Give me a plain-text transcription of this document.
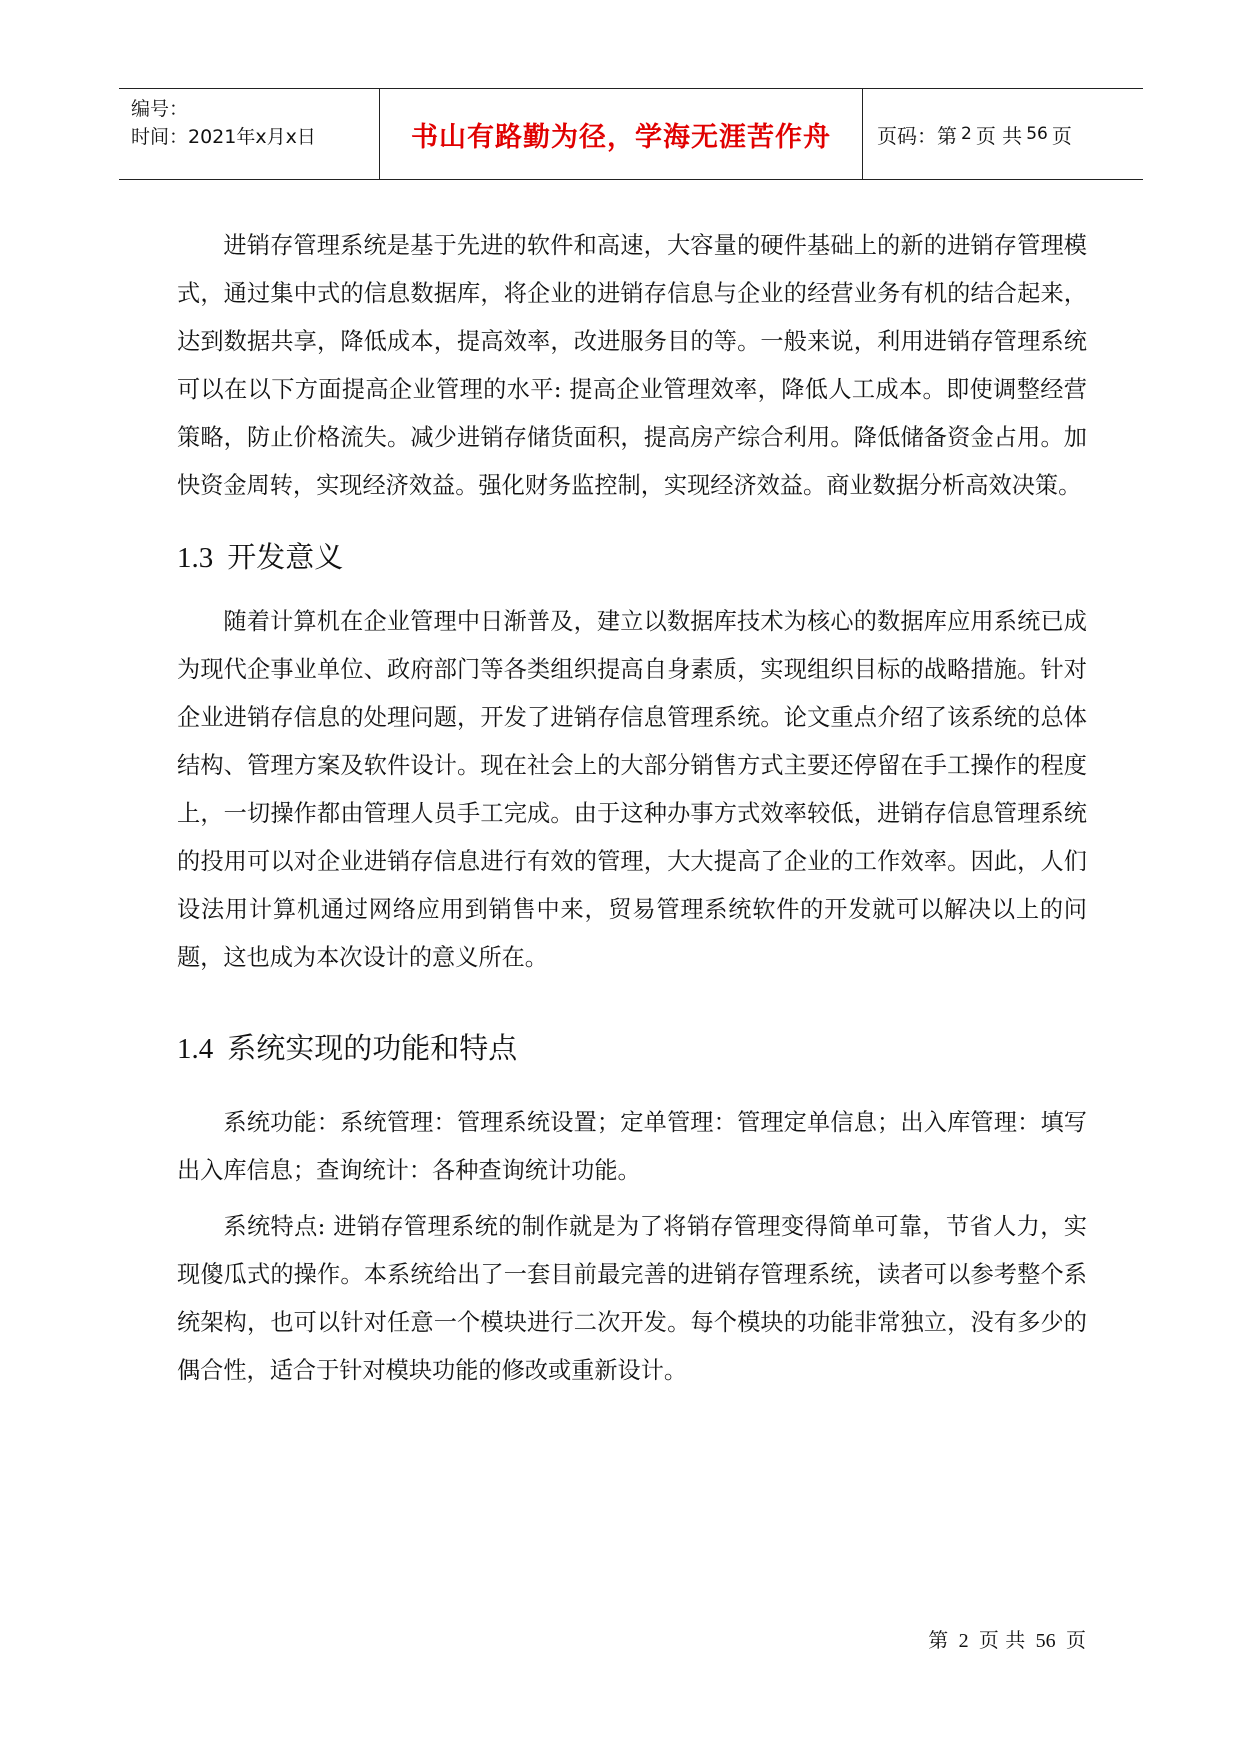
编号：
时间：2021年x月x日	书山有路勤为径，学海无涯苦作舟 页码：第 2 页 共 56 页

进销存管理系统是基于先进的软件和高速，大容量的硬件基础上的新的进销存管理模式，通过集中式的信息数据库，将企业的进销存信息与企业的经营业务有机的结合起来，达到数据共享，降低成本，提高效率，改进服务目的等。一般来说，利用进销存管理系统可以在以下方面提高企业管理的水平: 提高企业管理效率，降低人工成本。即使调整经营策略，防止价格流失。减少进销存储货面积，提高房产综合利用。降低储备资金占用。加快资金周转，实现经济效益。强化财务监控制，实现经济效益。商业数据分析高效决策。

1.3 开发意义

随着计算机在企业管理中日渐普及，建立以数据库技术为核心的数据库应用系统已成为现代企事业单位、政府部门等各类组织提高自身素质，实现组织目标的战略措施。针对企业进销存信息的处理问题，开发了进销存信息管理系统。论文重点介绍了该系统的总体结构、管理方案及软件设计。现在社会上的大部分销售方式主要还停留在手工操作的程度上，一切操作都由管理人员手工完成。由于这种办事方式效率较低，进销存信息管理系统的投用可以对企业进销存信息进行有效的管理，大大提高了企业的工作效率。因此，人们设法用计算机通过网络应用到销售中来，贸易管理系统软件的开发就可以解决以上的问题，这也成为本次设计的意义所在。

1.4 系统实现的功能和特点

系统功能：系统管理：管理系统设置；定单管理：管理定单信息；出入库管理：填写出入库信息；查询统计：各种查询统计功能。

系统特点: 进销存管理系统的制作就是为了将销存管理变得简单可靠，节省人力，实现傻瓜式的操作。本系统给出了一套目前最完善的进销存管理系统，读者可以参考整个系统架构，也可以针对任意一个模块进行二次开发。每个模块的功能非常独立，没有多少的偶合性，适合于针对模块功能的修改或重新设计。

第 2 页 共 56 页
